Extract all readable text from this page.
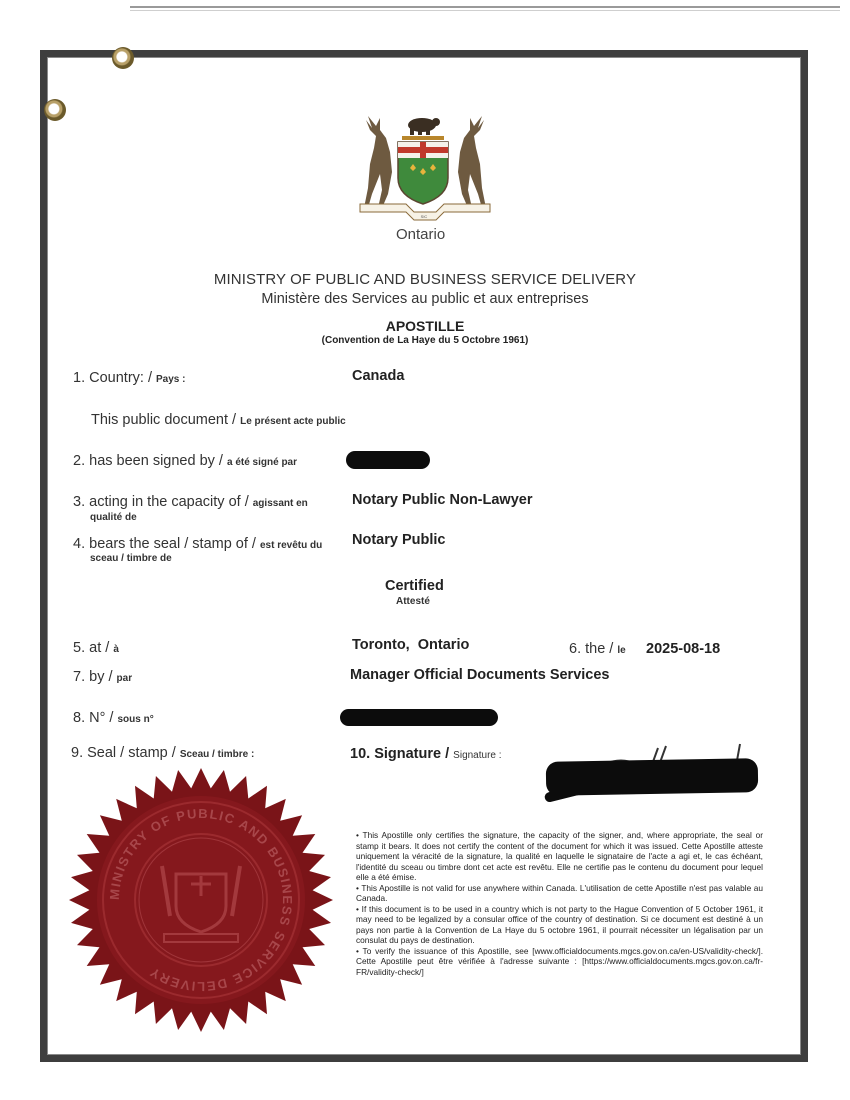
SIC
Ontario
MINISTRY OF PUBLIC AND BUSINESS SERVICE DELIVERY
Ministère des Services au public et aux entreprises
APOSTILLE
(Convention de La Haye du 5 Octobre 1961)
1. Country: / Pays :	Canada
This public document / Le présent acte public
2. has been signed by / a été signé par
3. acting in the capacity of / agissant en
qualité de
Notary Public Non-Lawyer
4. bears the seal / stamp of / est revêtu du
sceau / timbre de
Notary Public
Certified
Attesté
5. at / à	Toronto,  Ontario	6. the / le 2025-08-18
7. by / par	Manager Official Documents Services
8. N° / sous n°
9. Seal / stamp / Sceau / timbre :	10. Signature / Signature :
MINISTRY OF PUBLIC AND BUSINESS SERVICE DELIVERY

• This Apostille only certifies the signature, the capacity of the signer, and, where appropriate, the seal or stamp it bears. It does not certify the content of the document for which it was issued. Cette Apostille atteste uniquement la véracité de la signature, la qualité en laquelle le signataire de l'acte a agi et, le cas échéant, l'identité du sceau ou timbre dont cet acte est revêtu. Elle ne certifie pas le contenu du document pour lequel elle a été émise.

• This Apostille is not valid for use anywhere within Canada. L'utilisation de cette Apostille n'est pas valable au Canada.

• If this document is to be used in a country which is not party to the Hague Convention of 5 October 1961, it may need to be legalized by a consular office of the country of destination. Si ce document est destiné à un pays non partie à la Convention de La Haye du 5 octobre 1961, il pourrait nécessiter un légalisation par un consulat du pays de destination.

• To verify the issuance of this Apostille, see [www.officialdocuments.mgcs.gov.on.ca/en-US/validity-check/]. Cette Apostille peut être vérifiée à l'adresse suivante : [https://www.officialdocuments.mgcs.gov.on.ca/fr-FR/validity-check/]
